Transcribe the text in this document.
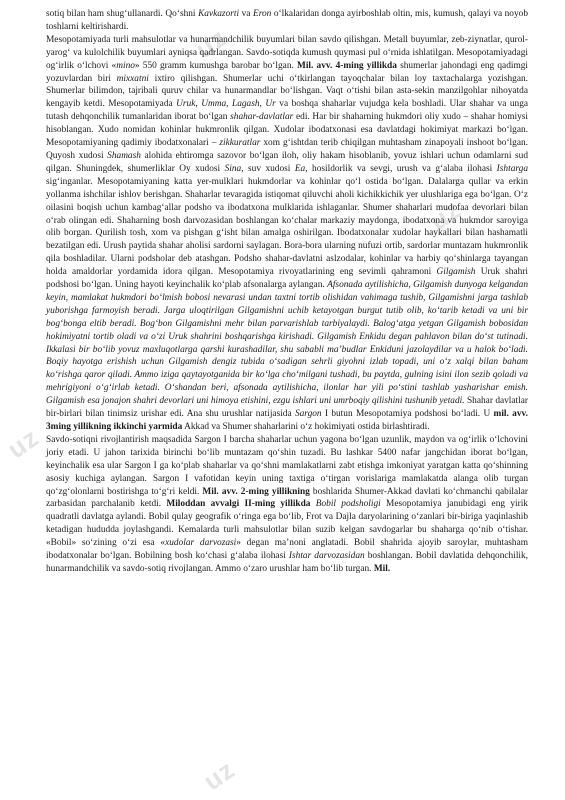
uz
uz
uz
uz

sotiq bilan ham shug‘ullanardi. Qo‘shni Kavkazorti va Eron o‘lkalaridan donga ayirboshlab oltin, mis, kumush, qalayi va noyob toshlarni keltirishardi.

Mesopotamiyada turli mahsulotlar va hunarmandchilik buyumlari bilan savdo qilishgan. Metall buyumlar, zeb-ziynatlar, qurol-yarog‘ va kulolchilik buyumlari ayniqsa qadrlangan. Savdo-sotiqda kumush quymasi pul o‘rnida ishlatilgan. Mesopotamiyadagi og‘irlik o‘lchovi «mino» 550 gramm kumushga barobar bo‘lgan. Mil. avv. 4-ming yillikda shumerlar jahondagi eng qadimgi yozuvlardan biri mixxatni ixtiro qilishgan. Shumerlar uchi o‘tkirlangan tayoqchalar bilan loy taxtachalarga yozishgan. Shumerlar bilimdon, tajribali quruv chilar va hunarmandlar bo‘lishgan. Vaqt o‘tishi bilan asta-sekin manzilgohlar nihoyatda kengayib ketdi. Mesopotamiyada Uruk, Umma, Lagash, Ur va boshqa shaharlar vujudga kela boshladi. Ular shahar va unga tutash dehqonchilik tumanlaridan iborat bo‘lgan shahar-davlatlar edi. Har bir shaharning hukmdori oliy xudo – shahar homiysi hisoblangan. Xudo nomidan kohinlar hukmronlik qilgan. Xudolar ibodatxonasi esa davlatdagi hokimiyat markazi bo‘lgan. Mesopotamiyaning qadimiy ibodatxonalari – zikkuratlar xom g‘ishtdan terib chiqilgan muhtasham zinapoyali inshoot bo‘lgan. Quyosh xudosi Shamash alohida ehtiromga sazovor bo‘lgan iloh, oliy hakam hisoblanib, yovuz ishlari uchun odamlarni sud qilgan. Shuningdek, shumerliklar Oy xudosi Sina, suv xudosi Ea, hosildorlik va sevgi, urush va g‘alaba ilohasi Ishtarga sig‘inganlar. Mesopotamiyaning katta yer-mulklari hukmdorlar va kohinlar qo‘l ostida bo‘lgan. Dalalarga qullar va erkin yollanma ishchilar ishlov berishgan. Shaharlar tevaragida istiqomat qiluvchi aholi kichikkichik yer ulushlariga ega bo‘lgan. O‘z oilasini boqish uchun kambag‘allar podsho va ibodatxona mulklarida ishlaganlar. Shumer shaharlari mudofaa devorlari bilan o‘rab olingan edi. Shaharning bosh darvozasidan boshlangan ko‘chalar markaziy maydonga, ibodatxona va hukmdor saroyiga olib borgan. Qurilish tosh, xom va pishgan g‘isht bilan amalga oshirilgan. Ibodatxonalar xudolar haykallari bilan hashamatli bezatilgan edi. Urush paytida shahar aholisi sardorni saylagan. Bora-bora ularning nufuzi ortib, sardorlar muntazam hukmronlik qila boshladilar. Ularni podsholar deb atashgan. Podsho shahar-davlatni aslzodalar, kohinlar va harbiy qo‘shinlarga tayangan holda amaldorlar yordamida idora qilgan. Mesopotamiya rivoyatlarining eng sevimli qahramoni Gilgamish Uruk shahri podshosi bo‘lgan. Uning hayoti keyinchalik ko‘plab afsonalarga aylangan. Afsonada aytilishicha, Gilgamish dunyoga kelgandan keyin, mamlakat hukmdori bo‘lmish bobosi nevarasi undan taxtni tortib olishidan vahimaga tushib, Gilgamishni jarga tashlab yuborishga farmoyish beradi. Jarga uloqtirilgan Gilgamishni uchib ketayotgan burgut tutib olib, ko‘tarib ketadi va uni bir bog‘bonga eltib beradi. Bog‘bon Gilgamishni mehr bilan parvarishlab tarbiyalaydi. Balog‘atga yetgan Gilgamish bobosidan hokimiyatni tortib oladi va o‘zi Uruk shahrini boshqarishga kirishadi. Gilgamish Enkidu degan pahlavon bilan do‘st tutinadi. Ikkalasi bir bo‘lib yovuz maxluqotlarga qarshi kurashadilar, shu sababli ma’budlar Enkiduni jazolaydilar va u halok bo‘ladi. Boqiy hayotga erishish uchun Gilgamish dengiz tubida o‘sadigan sehrli giyohni izlab topadi, uni o‘z xalqi bilan baham ko‘rishga qaror qiladi. Ammo iziga qaytayotganida bir ko‘lga cho‘milgani tushadi, bu paytda, gulning isini ilon sezib qoladi va mehrigiyoni o‘g‘irlab ketadi. O‘shandan beri, afsonada aytilishicha, ilonlar har yili po‘stini tashlab yasharishar emish. Gilgamish esa jonajon shahri devorlari uni himoya etishini, ezgu ishlari uni umrboqiy qilishini tushunib yetadi. Shahar davlatlar bir-birlari bilan tinimsiz urishar edi. Ana shu urushlar natijasida Sargon I butun Mesopotamiya podshosi bo‘ladi. U mil. avv. 3ming yillikning ikkinchi yarmida Akkad va Shumer shaharlarini o‘z hokimiyati ostida birlashtiradi.

Savdo-sotiqni rivojlantirish maqsadida Sargon I barcha shaharlar uchun yagona bo‘lgan uzunlik, maydon va og‘irlik o‘lchovini joriy etadi. U jahon tarixida birinchi bo‘lib muntazam qo‘shin tuzadi. Bu lashkar 5400 nafar jangchidan iborat bo‘lgan, keyinchalik esa ular Sargon I ga ko‘plab shaharlar va qo‘shni mamlakatlarni zabt etishga imkoniyat yaratgan katta qo‘shinning asosiy kuchiga aylangan. Sargon I vafotidan keyin uning taxtiga o‘tirgan vorislariga mamlakatda alanga olib turgan qo‘zg‘olonlarni bostirishga to‘g‘ri keldi. Mil. avv. 2-ming yillikning boshlarida Shumer-Akkad davlati ko‘chmanchi qabilalar zarbasidan parchalanib ketdi. Miloddan avvalgi II-ming yillikda Bobil podsholigi Mesopotamiya janubidagi eng yirik quadratli davlatga aylandi. Bobil qulay geografik o‘ringa ega bo‘lib, Frot va Dajla daryolarining o‘zanlari bir-biriga yaqinlashib ketadigan hududda joylashgandi. Kemalarda turli mahsulotlar bilan suzib kelgan savdogarlar bu shaharga qo‘nib o‘tishar. «Bobil» so‘zining o‘zi esa «xudolar darvozasi» degan ma’noni anglatadi. Bobil shahrida ajoyib saroylar, muhtasham ibodatxonalar bo‘lgan. Bobilning bosh ko‘chasi g‘alaba ilohasi Ishtar darvozasidan boshlangan. Bobil davlatida dehqonchilik, hunarmandchilik va savdo-sotiq rivojlangan. Ammo o‘zaro urushlar ham bo‘lib turgan. Mil.
